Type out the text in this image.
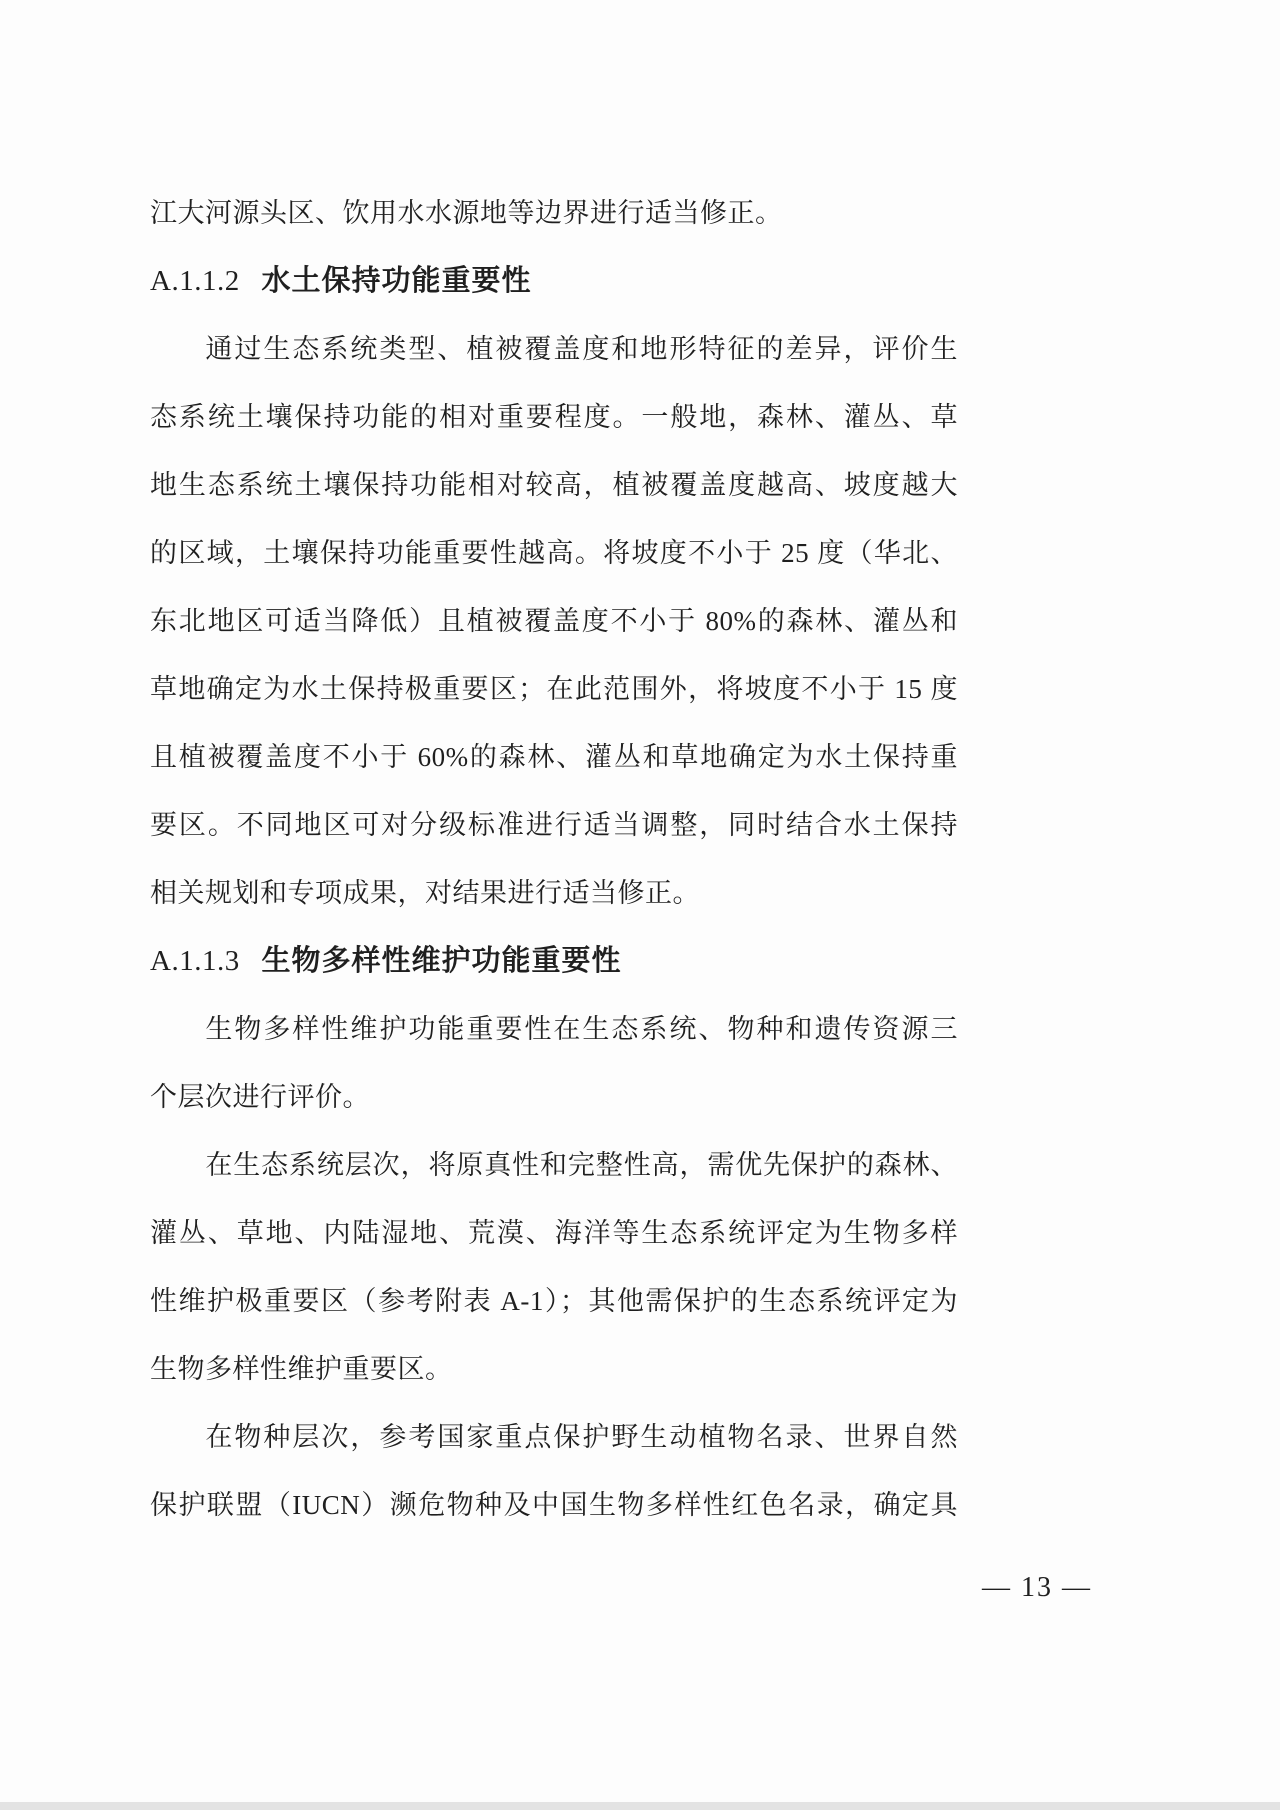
江大河源头区、饮用水水源地等边界进行适当修正。
A.1.1.2 水土保持功能重要性
通过生态系统类型、植被覆盖度和地形特征的差异，评价生
态系统土壤保持功能的相对重要程度。一般地，森林、灌丛、草
地生态系统土壤保持功能相对较高，植被覆盖度越高、坡度越大
的区域，土壤保持功能重要性越高。将坡度不小于 25 度（华北、
东北地区可适当降低）且植被覆盖度不小于 80%的森林、灌丛和
草地确定为水土保持极重要区；在此范围外，将坡度不小于 15 度
且植被覆盖度不小于 60%的森林、灌丛和草地确定为水土保持重
要区。不同地区可对分级标准进行适当调整，同时结合水土保持
相关规划和专项成果，对结果进行适当修正。
A.1.1.3 生物多样性维护功能重要性
生物多样性维护功能重要性在生态系统、物种和遗传资源三
个层次进行评价。
在生态系统层次，将原真性和完整性高，需优先保护的森林、
灌丛、草地、内陆湿地、荒漠、海洋等生态系统评定为生物多样
性维护极重要区（参考附表 A-1）；其他需保护的生态系统评定为
生物多样性维护重要区。
在物种层次，参考国家重点保护野生动植物名录、世界自然
保护联盟（IUCN）濒危物种及中国生物多样性红色名录，确定具
— 13 —
